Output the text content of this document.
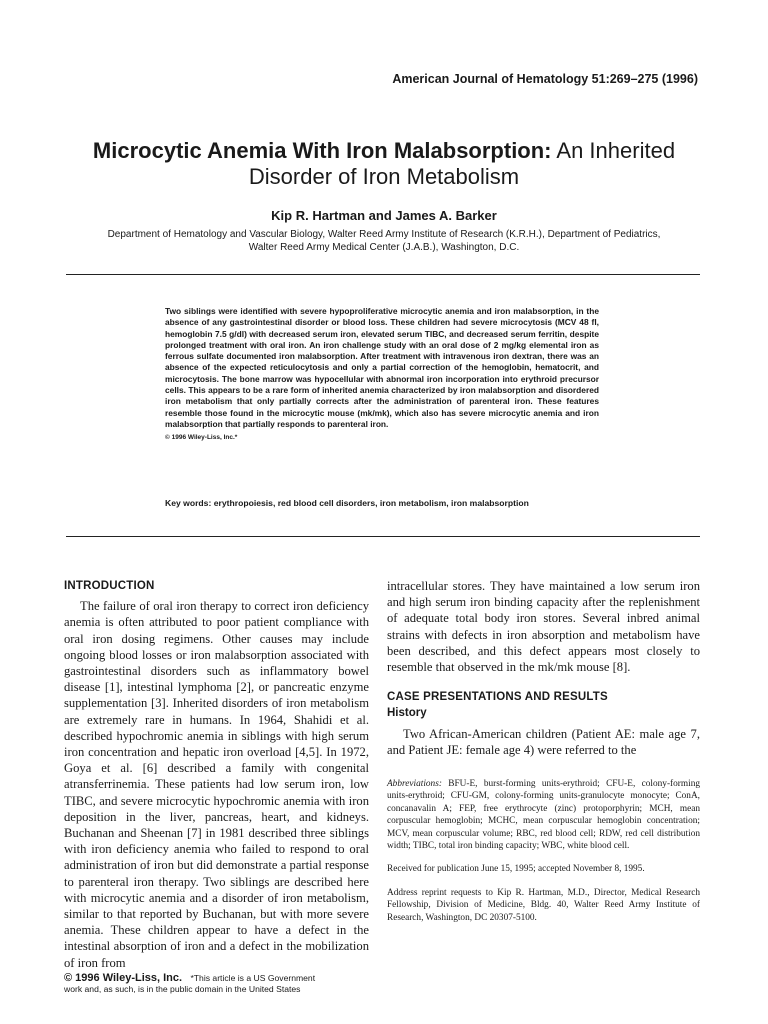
American Journal of Hematology 51:269–275 (1996)
Microcytic Anemia With Iron Malabsorption: An Inherited
Disorder of Iron Metabolism
Kip R. Hartman and James A. Barker
Department of Hematology and Vascular Biology, Walter Reed Army Institute of Research (K.R.H.), Department of Pediatrics,
Walter Reed Army Medical Center (J.A.B.), Washington, D.C.

Two siblings were identified with severe hypoproliferative microcytic anemia and iron malabsorption, in the absence of any gastrointestinal disorder or blood loss. These children had severe microcytosis (MCV 48 fl, hemoglobin 7.5 g/dl) with decreased serum iron, elevated serum TIBC, and decreased serum ferritin, despite prolonged treatment with oral iron. An iron challenge study with an oral dose of 2 mg/kg elemental iron as ferrous sulfate documented iron malabsorption. After treatment with intravenous iron dextran, there was an absence of the expected reticulocytosis and only a partial correction of the hemoglobin, hematocrit, and microcytosis. The bone marrow was hypocellular with abnormal iron incorporation into erythroid precursor cells. This appears to be a rare form of inherited anemia characterized by iron malabsorption and disordered iron metabolism that only partially corrects after the administration of parenteral iron. These features resemble those found in the microcytic mouse (mk/mk), which also has severe microcytic anemia and iron malabsorption that partially responds to parenteral iron.

© 1996 Wiley-Liss, Inc.*
Key words: erythropoiesis, red blood cell disorders, iron metabolism, iron malabsorption
INTRODUCTION

The failure of oral iron therapy to correct iron deficiency anemia is often attributed to poor patient compliance with oral iron dosing regimens. Other causes may include ongoing blood losses or iron malabsorption associated with gastrointestinal disorders such as inflammatory bowel disease [1], intestinal lymphoma [2], or pancreatic enzyme supplementation [3]. Inherited disorders of iron metabolism are extremely rare in humans. In 1964, Shahidi et al. described hypochromic anemia in siblings with high serum iron concentration and hepatic iron overload [4,5]. In 1972, Goya et al. [6] described a family with congenital atransferrinemia. These patients had low serum iron, low TIBC, and severe microcytic hypochromic anemia with iron deposition in the liver, pancreas, heart, and kidneys. Buchanan and Sheenan [7] in 1981 described three siblings with iron deficiency anemia who failed to respond to oral administration of iron but did demonstrate a partial response to parenteral iron therapy. Two siblings are described here with microcytic anemia and a disorder of iron metabolism, similar to that reported by Buchanan, but with more severe anemia. These children appear to have a defect in the intestinal absorption of iron and a defect in the mobilization of iron from

intracellular stores. They have maintained a low serum iron and high serum iron binding capacity after the replenishment of adequate total body iron stores. Several inbred animal strains with defects in iron absorption and metabolism have been described, and this defect appears most closely to resemble that observed in the mk/mk mouse [8].

CASE PRESENTATIONS AND RESULTS
History

Two African-American children (Patient AE: male age 7, and Patient JE: female age 4) were referred to the

Abbreviations: BFU-E, burst-forming units-erythroid; CFU-E, colony-forming units-erythroid; CFU-GM, colony-forming units-granulocyte monocyte; ConA, concanavalin A; FEP, free erythrocyte (zinc) protoporphyrin; MCH, mean corpuscular hemoglobin; MCHC, mean corpuscular hemoglobin concentration; MCV, mean corpuscular volume; RBC, red blood cell; RDW, red cell distribution width; TIBC, total iron binding capacity; WBC, white blood cell.

Received for publication June 15, 1995; accepted November 8, 1995.

Address reprint requests to Kip R. Hartman, M.D., Director, Medical Research Fellowship, Division of Medicine, Bldg. 40, Walter Reed Army Institute of Research, Washington, DC 20307-5100.

© 1996 Wiley-Liss, Inc. *This article is a US Government
work and, as such, is in the public domain in the United States
